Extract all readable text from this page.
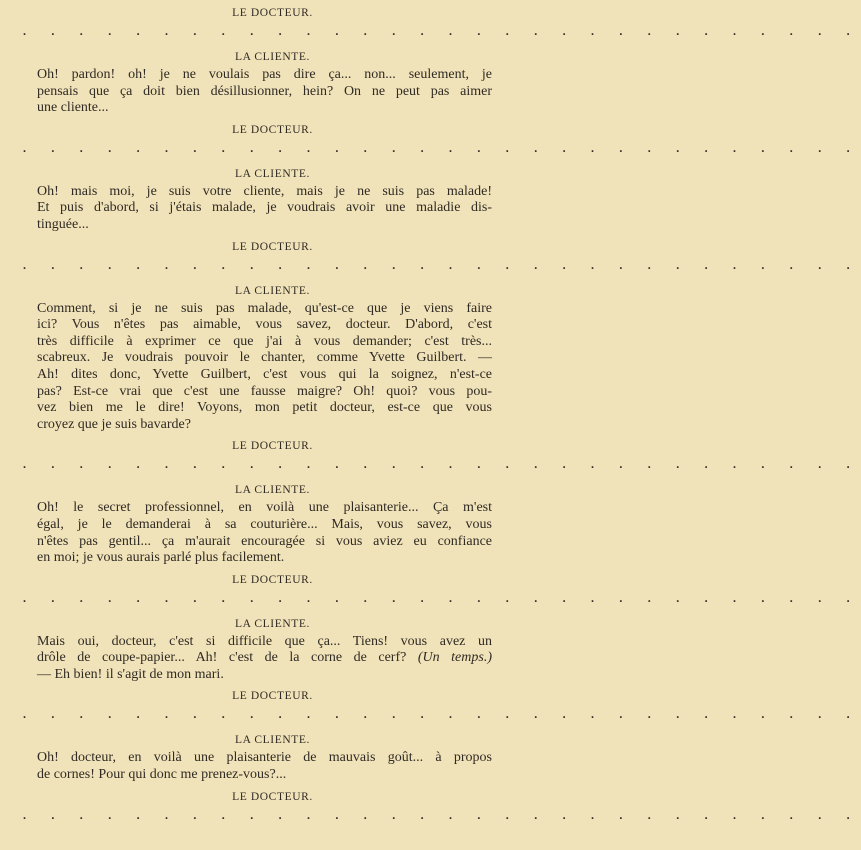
LE DOCTEUR.
. . . . . . . . . . . . . . . . . . . . . . . . . . . . . .
LA CLIENTE.
Oh! pardon! oh! je ne voulais pas dire ça... non... seulement, je
pensais que ça doit bien désillusionner, hein? On ne peut pas aimer
une cliente...
LE DOCTEUR.
. . . . . . . . . . . . . . . . . . . . . . . . . . . . . .
LA CLIENTE.
Oh! mais moi, je suis votre cliente, mais je ne suis pas malade!
Et puis d'abord, si j'étais malade, je voudrais avoir une maladie dis-
tinguée...
LE DOCTEUR.
. . . . . . . . . . . . . . . . . . . . . . . . . . . . . .
LA CLIENTE.
Comment, si je ne suis pas malade, qu'est-ce que je viens faire
ici? Vous n'êtes pas aimable, vous savez, docteur. D'abord, c'est
très difficile à exprimer ce que j'ai à vous demander; c'est très...
scabreux. Je voudrais pouvoir le chanter, comme Yvette Guilbert. —
Ah! dites donc, Yvette Guilbert, c'est vous qui la soignez, n'est-ce
pas? Est-ce vrai que c'est une fausse maigre? Oh! quoi? vous pou-
vez bien me le dire! Voyons, mon petit docteur, est-ce que vous
croyez que je suis bavarde?
LE DOCTEUR.
. . . . . . . . . . . . . . . . . . . . . . . . . . . . . .
LA CLIENTE.
Oh! le secret professionnel, en voilà une plaisanterie... Ça m'est
égal, je le demanderai à sa couturière... Mais, vous savez, vous
n'êtes pas gentil... ça m'aurait encouragée si vous aviez eu confiance
en moi; je vous aurais parlé plus facilement.
LE DOCTEUR.
. . . . . . . . . . . . . . . . . . . . . . . . . . . . . .
LA CLIENTE.
Mais oui, docteur, c'est si difficile que ça... Tiens! vous avez un
drôle de coupe-papier... Ah! c'est de la corne de cerf? (Un temps.)
— Eh bien! il s'agit de mon mari.
LE DOCTEUR.
. . . . . . . . . . . . . . . . . . . . . . . . . . . . . .
LA CLIENTE.
Oh! docteur, en voilà une plaisanterie de mauvais goût... à propos
de cornes! Pour qui donc me prenez-vous?...
LE DOCTEUR.
. . . . . . . . . . . . . . . . . . . . . . . . . . . . . .
